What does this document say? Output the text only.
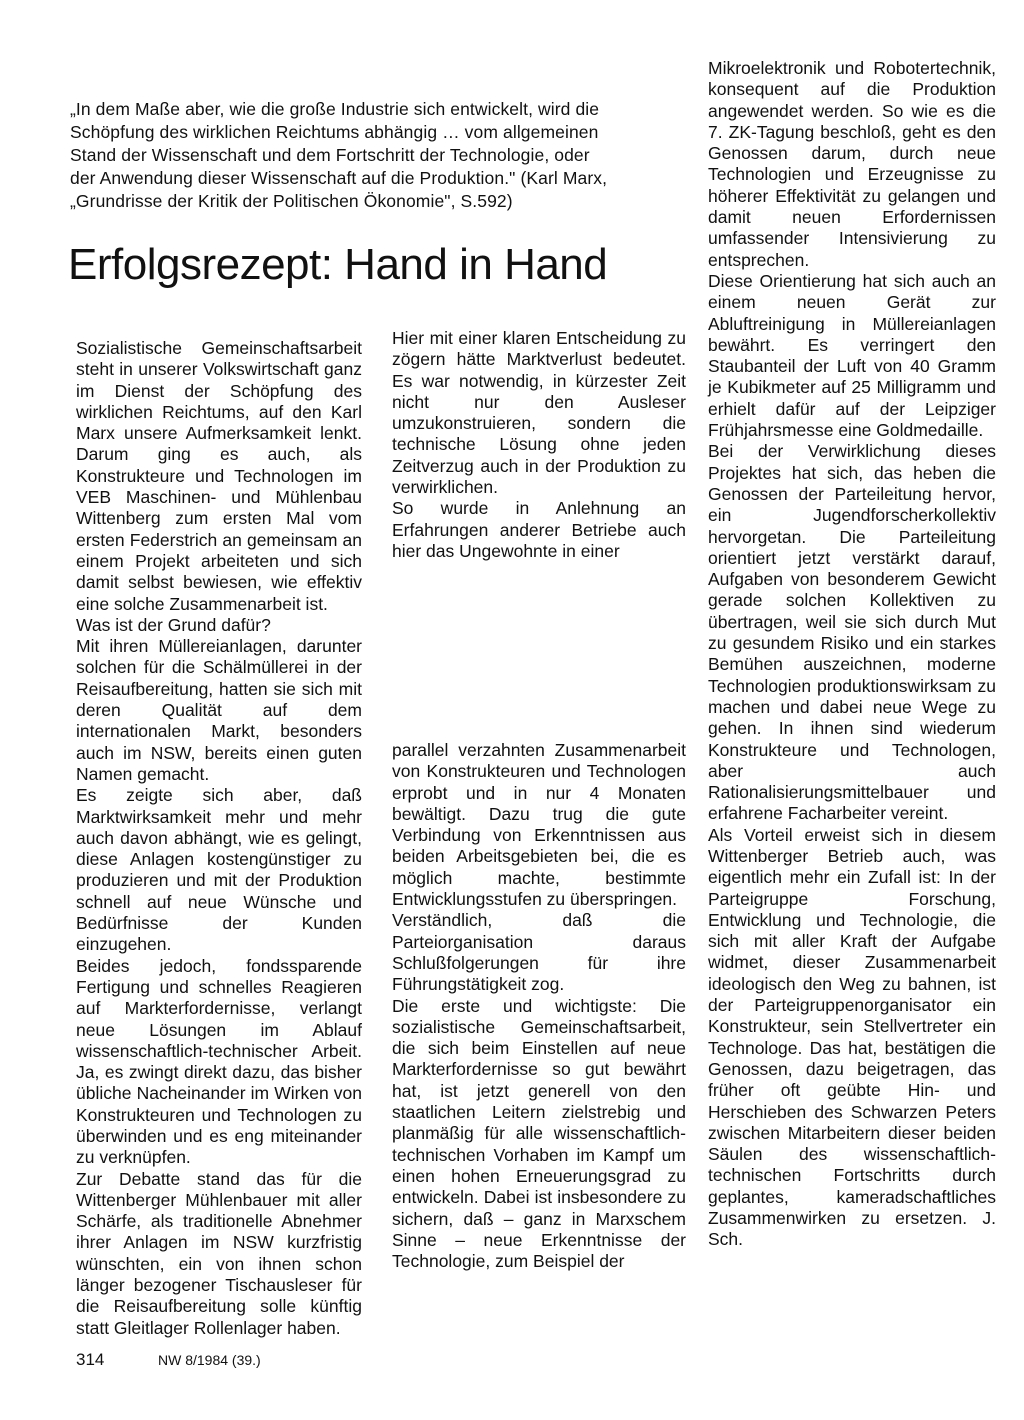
„In dem Maße aber, wie die große Industrie sich entwickelt, wird die
Schöpfung des wirklichen Reichtums abhängig … vom allgemeinen
Stand der Wissenschaft und dem Fortschritt der Technologie, oder
der Anwendung dieser Wissenschaft auf die Produktion." (Karl Marx,
„Grundrisse der Kritik der Politischen Ökonomie", S.592)
Erfolgsrezept: Hand in Hand

Sozialistische Gemeinschaftsarbeit steht in unserer Volkswirtschaft ganz im Dienst der Schöpfung des wirklichen Reichtums, auf den Karl Marx unsere Aufmerksamkeit lenkt. Darum ging es auch, als Konstrukteure und Technologen im VEB Maschinen- und Mühlenbau Wittenberg zum ersten Mal vom ersten Federstrich an gemeinsam an einem Projekt arbeiteten und sich damit selbst bewiesen, wie effektiv eine solche Zusammenarbeit ist.

Was ist der Grund dafür?

Mit ihren Müllereianlagen, darunter solchen für die Schälmüllerei in der Reisaufbereitung, hatten sie sich mit deren Qualität auf dem internationalen Markt, besonders auch im NSW, bereits einen guten Namen gemacht.

Es zeigte sich aber, daß Marktwirksamkeit mehr und mehr auch davon abhängt, wie es gelingt, diese Anlagen kostengünstiger zu produzieren und mit der Produktion schnell auf neue Wünsche und Bedürfnisse der Kunden einzugehen.

Beides jedoch, fondssparende Fertigung und schnelles Reagieren auf Markterfordernisse, verlangt neue Lösungen im Ablauf wissenschaftlich-technischer Arbeit. Ja, es zwingt direkt dazu, das bisher übliche Nacheinander im Wirken von Konstrukteuren und Technologen zu überwinden und es eng miteinander zu verknüpfen.

Zur Debatte stand das für die Wittenberger Mühlenbauer mit aller Schärfe, als traditionelle Abnehmer ihrer Anlagen im NSW kurzfristig wünschten, ein von ihnen schon länger bezogener Tischausleser für die Reisaufbereitung solle künftig statt Gleitlager Rollenlager haben.

Hier mit einer klaren Entscheidung zu zögern hätte Marktverlust bedeutet. Es war notwendig, in kürzester Zeit nicht nur den Ausleser umzukonstruieren, sondern die technische Lösung ohne jeden Zeitverzug auch in der Produktion zu verwirklichen.

So wurde in Anlehnung an Erfahrungen anderer Betriebe auch hier das Ungewohnte in einer

parallel verzahnten Zusammenarbeit von Konstrukteuren und Technologen erprobt und in nur 4 Monaten bewältigt. Dazu trug die gute Verbindung von Erkenntnissen aus beiden Arbeitsgebieten bei, die es möglich machte, bestimmte Entwicklungsstufen zu überspringen.

Verständlich, daß die Parteiorganisation daraus Schlußfolgerungen für ihre Führungstätigkeit zog.

Die erste und wichtigste: Die sozialistische Gemeinschaftsarbeit, die sich beim Einstellen auf neue Markterfordernisse so gut bewährt hat, ist jetzt generell von den staatlichen Leitern zielstrebig und planmäßig für alle wissenschaftlich-technischen Vorhaben im Kampf um einen hohen Erneuerungsgrad zu entwickeln. Dabei ist insbesondere zu sichern, daß – ganz in Marxschem Sinne – neue Erkenntnisse der Technologie, zum Beispiel der

Mikroelektronik und Robotertechnik, konsequent auf die Produktion angewendet werden. So wie es die 7. ZK-Tagung beschloß, geht es den Genossen darum, durch neue Technologien und Erzeugnisse zu höherer Effektivität zu gelangen und damit neuen Erfordernissen umfassender Intensivierung zu entsprechen.

Diese Orientierung hat sich auch an einem neuen Gerät zur Abluftreinigung in Müllereianlagen bewährt. Es verringert den Staubanteil der Luft von 40 Gramm je Kubikmeter auf 25 Milligramm und erhielt dafür auf der Leipziger Frühjahrsmesse eine Goldmedaille.

Bei der Verwirklichung dieses Projektes hat sich, das heben die Genossen der Parteileitung hervor, ein Jugendforscherkollektiv hervorgetan. Die Parteileitung orientiert jetzt verstärkt darauf, Aufgaben von besonderem Gewicht gerade solchen Kollektiven zu übertragen, weil sie sich durch Mut zu gesundem Risiko und ein starkes Bemühen auszeichnen, moderne Technologien produktionswirksam zu machen und dabei neue Wege zu gehen. In ihnen sind wiederum Konstrukteure und Technologen, aber auch Rationalisierungsmittelbauer und erfahrene Facharbeiter vereint.

Als Vorteil erweist sich in diesem Wittenberger Betrieb auch, was eigentlich mehr ein Zufall ist: In der Parteigruppe Forschung, Entwicklung und Technologie, die sich mit aller Kraft der Aufgabe widmet, dieser Zusammenarbeit ideologisch den Weg zu bahnen, ist der Parteigruppenorganisator ein Konstrukteur, sein Stellvertreter ein Technologe. Das hat, bestätigen die Genossen, dazu beigetragen, das früher oft geübte Hin- und Herschieben des Schwarzen Peters zwischen Mitarbeitern dieser beiden Säulen des wissenschaftlich-technischen Fortschritts durch geplantes, kameradschaftliches Zusammenwirken zu ersetzen. J. Sch.

314	NW 8/1984 (39.)
